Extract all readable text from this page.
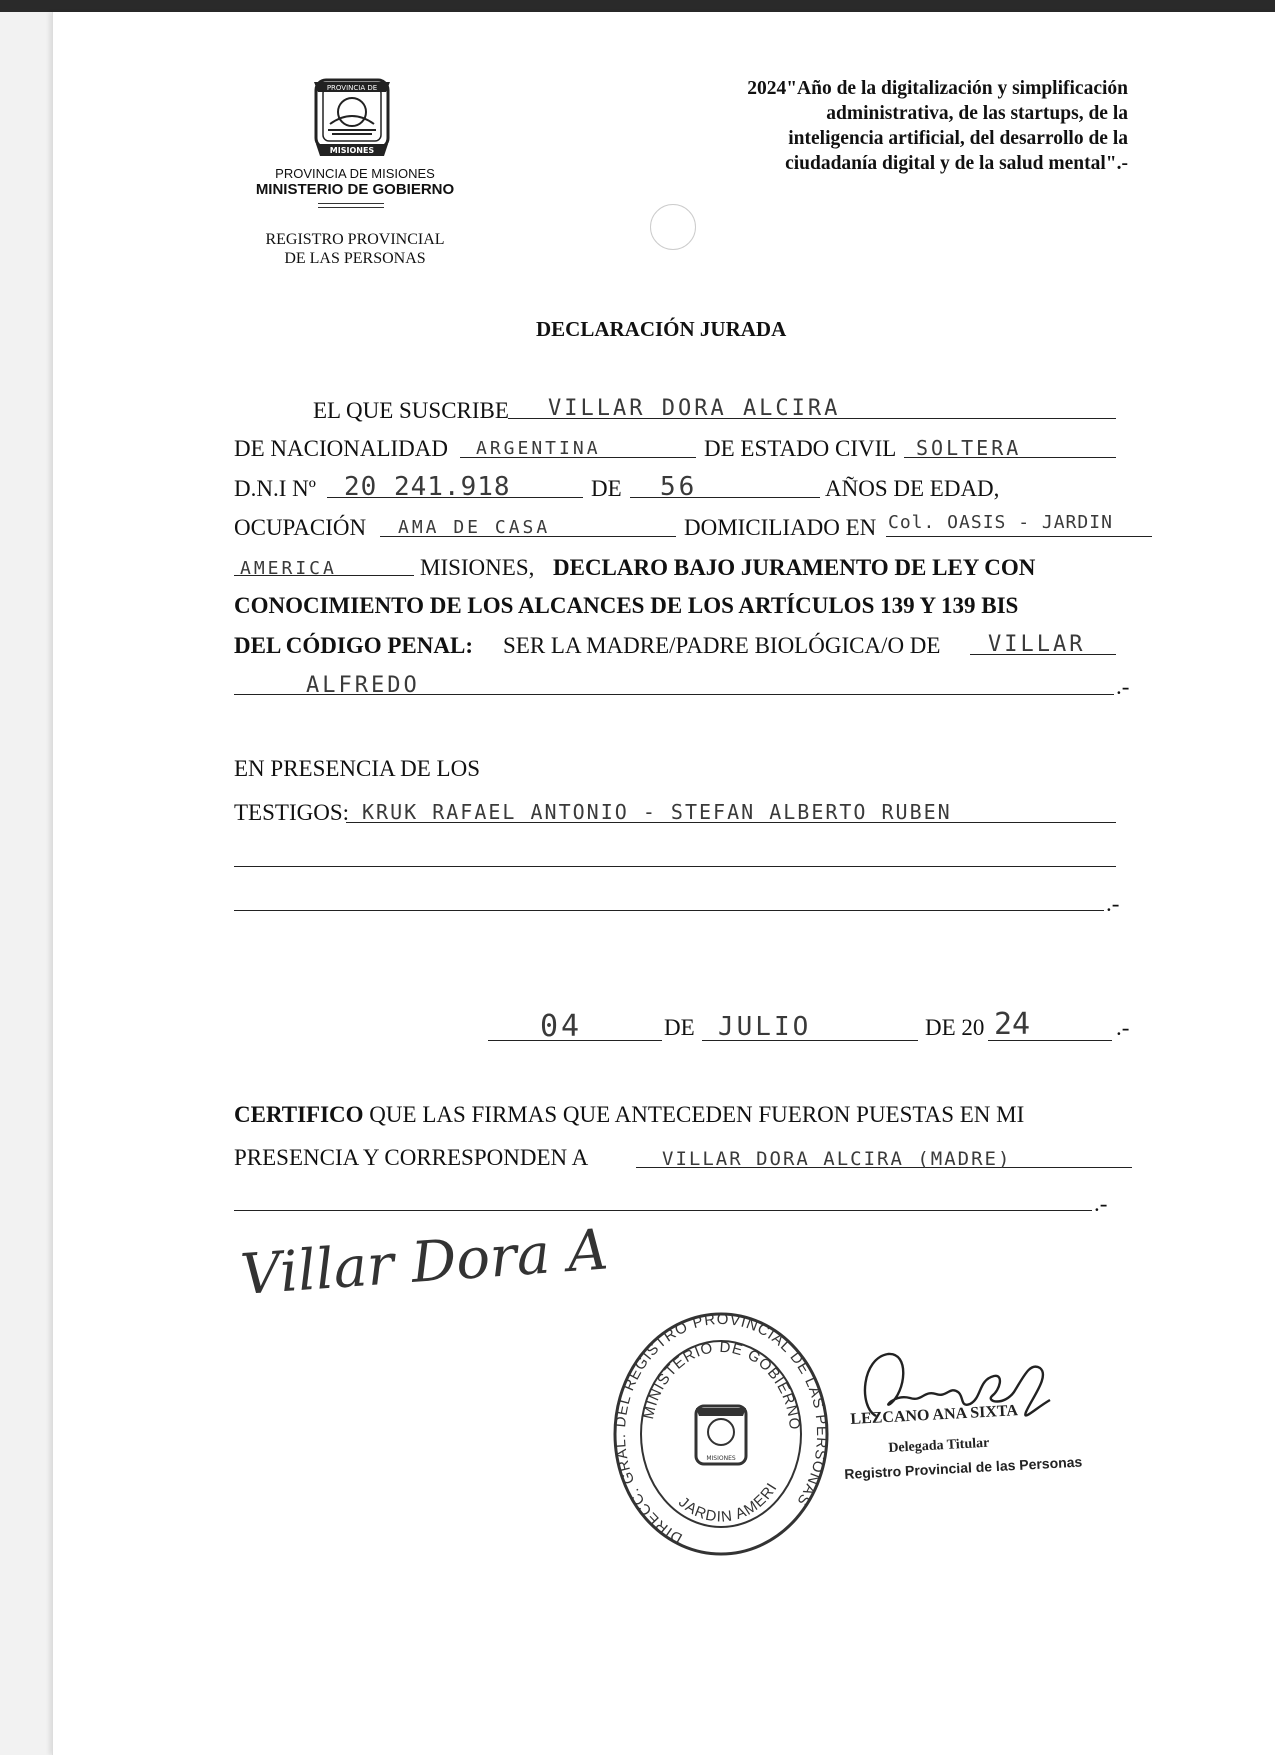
PROVINCIA DE
MISIONES
PROVINCIA DE MISIONES
MINISTERIO DE GOBIERNO
REGISTRO PROVINCIAL
DE LAS PERSONAS
2024"Año de la digitalización y simplificación
administrativa, de las startups, de la
inteligencia artificial, del desarrollo de la
ciudadanía digital y de la salud mental".-
DECLARACIÓN JURADA
EL QUE SUSCRIBE VILLAR DORA ALCIRA
DE NACIONALIDAD ARGENTINA	DE ESTADO CIVIL SOLTERA
D.N.I Nº 20 241.918	DE 56	AÑOS DE EDAD,
OCUPACIÓN AMA DE CASA	DOMICILIADO EN Col. OASIS - JARDIN
AMERICA	MISIONES, DECLARO BAJO JURAMENTO DE LEY CON
CONOCIMIENTO DE LOS ALCANCES DE LOS ARTÍCULOS 139 Y 139 BIS
DEL CÓDIGO PENAL: SER LA MADRE/PADRE BIOLÓGICA/O DE VILLAR
ALFREDO	.-
EN PRESENCIA DE LOS
TESTIGOS: KRUK RAFAEL ANTONIO - STEFAN ALBERTO RUBEN
.-
04	DE JULIO	DE 20 24	.-
CERTIFICO QUE LAS FIRMAS QUE ANTECEDEN FUERON PUESTAS EN MI
PRESENCIA Y CORRESPONDEN A	VILLAR DORA ALCIRA (MADRE)
.-
Villar Dora A.
DIRECC. GRAL. DEL REGISTRO PROVINCIAL DE LAS PERSONAS
MINISTERIO DE GOBIERNO
JARDIN AMERI
MISIONES
LEZCANO ANA SIXTA
Delegada Titular
Registro Provincial de las Personas
